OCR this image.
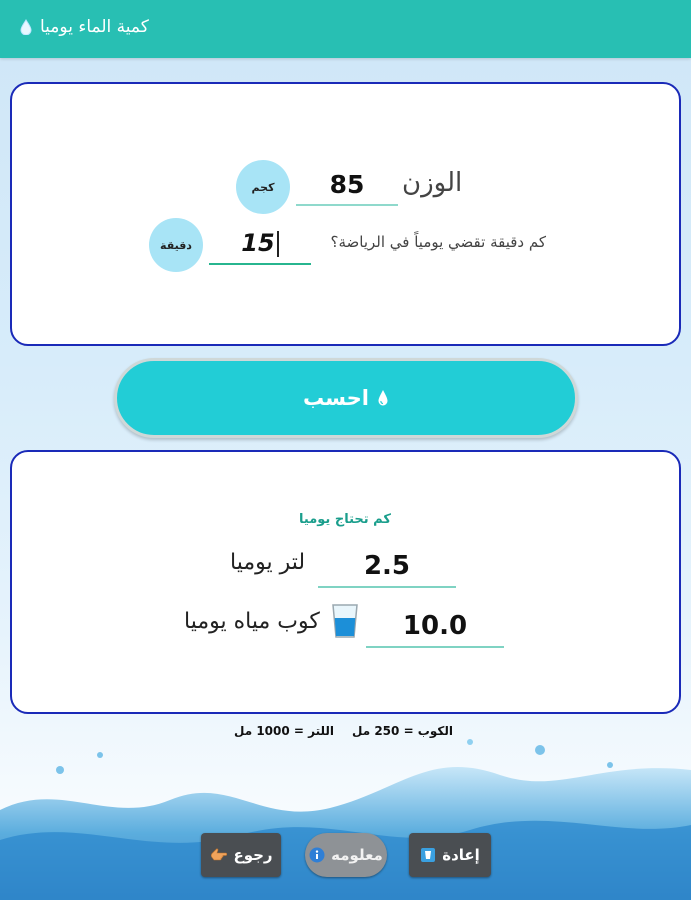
كمية الماء يوميا
الوزن
85
كجم
كم دقيقة تقضي يومياً في الرياضة؟
15
دقيقة
احسب
كم تحتاج يوميا
2.5
لتر يوميا
10.0
كوب مياه يوميا
الكوب = 250 مل
اللتر = 1000 مل
إعادة
معلومه
رجوع
